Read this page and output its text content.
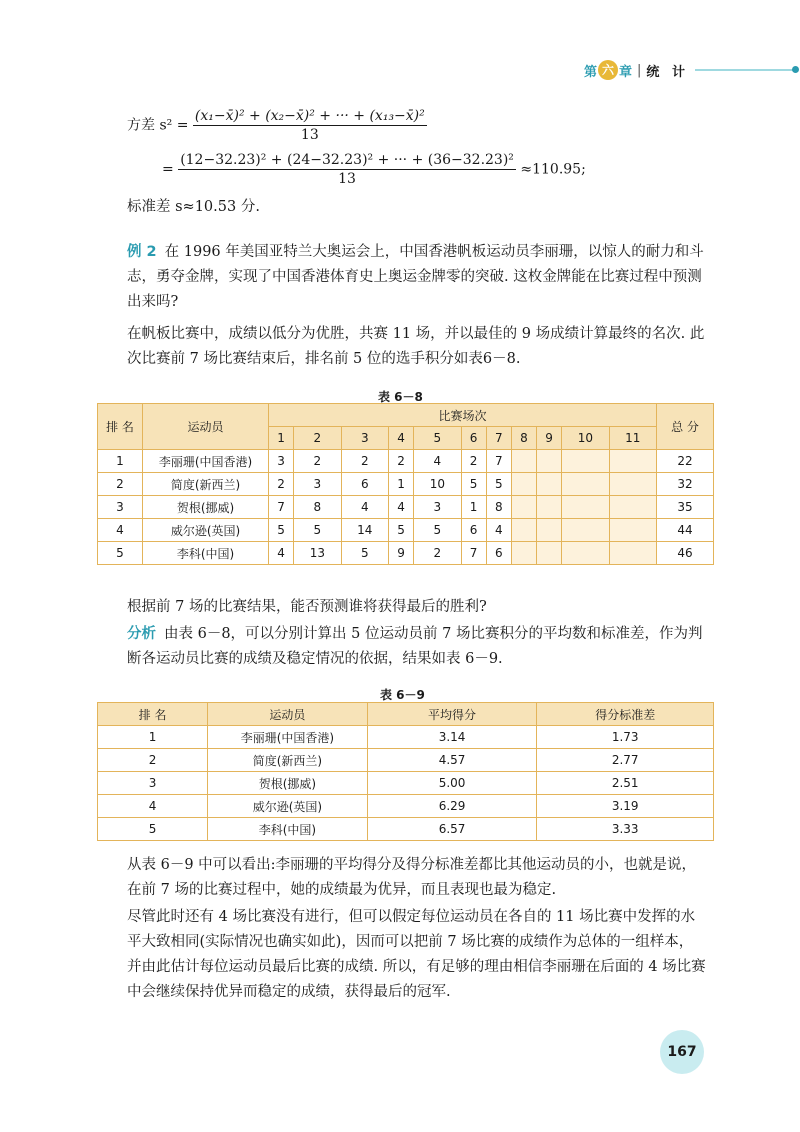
第 六 章 | 统 计
方差 $s^2 = \frac{\text{(x₁−x̄)² + (x₂−x̄)² + ··· + (x₁₃−x̄)²}}{13}$
= $\frac{\text{(12−32.23)² + (24−32.23)² + ··· + (36−32.23)²}}{13} \approx 110.95$;
标准差 s≈10.53 分.
例 2 在 1996 年美国亚特兰大奥运会上，中国香港帆板运动员李丽珊，以惊人的耐力和斗志，勇夺金牌，实现了中国香港体育史上奥运金牌零的突破. 这枚金牌能在比赛过程中预测出来吗?
在帆板比赛中，成绩以低分为优胜，共赛 11 场，并以最佳的 9 场成绩计算最终的名次. 此次比赛前 7 场比赛结束后，排名前 5 位的选手积分如表6－8.
表 6－8
排 名	运动员	比赛场次											总 分
		1	2	3	4	5	6	7	8	9	10	11	
1	李丽珊(中国香港)	3	2	2	2	4	2	7					22
2	简度(新西兰)	2	3	6	1	10	5	5					32
3	贺根(挪威)	7	8	4	4	3	1	8					35
4	威尔逊(英国)	5	5	14	5	5	6	4					44
5	李科(中国)	4	13	5	9	2	7	6					46
根据前 7 场的比赛结果，能否预测谁将获得最后的胜利?
分析 由表 6－8，可以分别计算出 5 位运动员前 7 场比赛积分的平均数和标准差，作为判断各运动员比赛的成绩及稳定情况的依据，结果如表 6－9.
表 6－9
排 名	运动员	平均得分	得分标准差
1	李丽珊(中国香港)	3.14	1.73
2	简度(新西兰)	4.57	2.77
3	贺根(挪威)	5.00	2.51
4	威尔逊(英国)	6.29	3.19
5	李科(中国)	6.57	3.33
从表 6－9 中可以看出:李丽珊的平均得分及得分标准差都比其他运动员的小，也就是说，在前 7 场的比赛过程中，她的成绩最为优异，而且表现也最为稳定.
尽管此时还有 4 场比赛没有进行，但可以假定每位运动员在各自的 11 场比赛中发挥的水平大致相同(实际情况也确实如此)，因而可以把前 7 场比赛的成绩作为总体的一组样本，并由此估计每位运动员最后比赛的成绩. 所以，有足够的理由相信李丽珊在后面的 4 场比赛中会继续保持优异而稳定的成绩，获得最后的冠军.
167
